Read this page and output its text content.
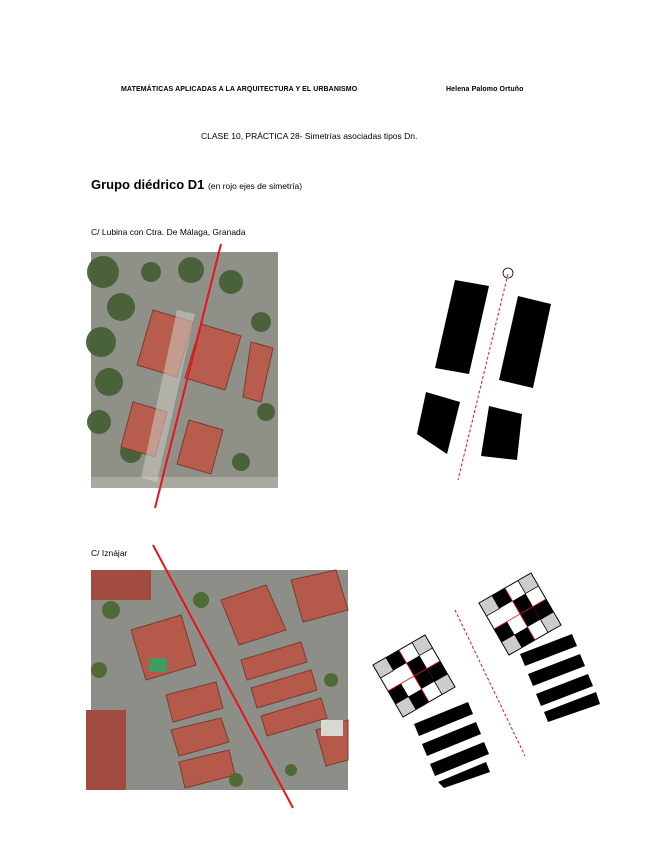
MATEMÁTICAS APLICADAS A LA ARQUITECTURA Y EL URBANISMO	Helena Palomo Ortuño
CLASE 10, PRÁCTICA 28- Simetrías asociadas tipos Dn.
Grupo diédrico D1 (en rojo ejes de simetría)
C/ Lubina con Ctra. De Málaga, Granada
C/ Iznájar
